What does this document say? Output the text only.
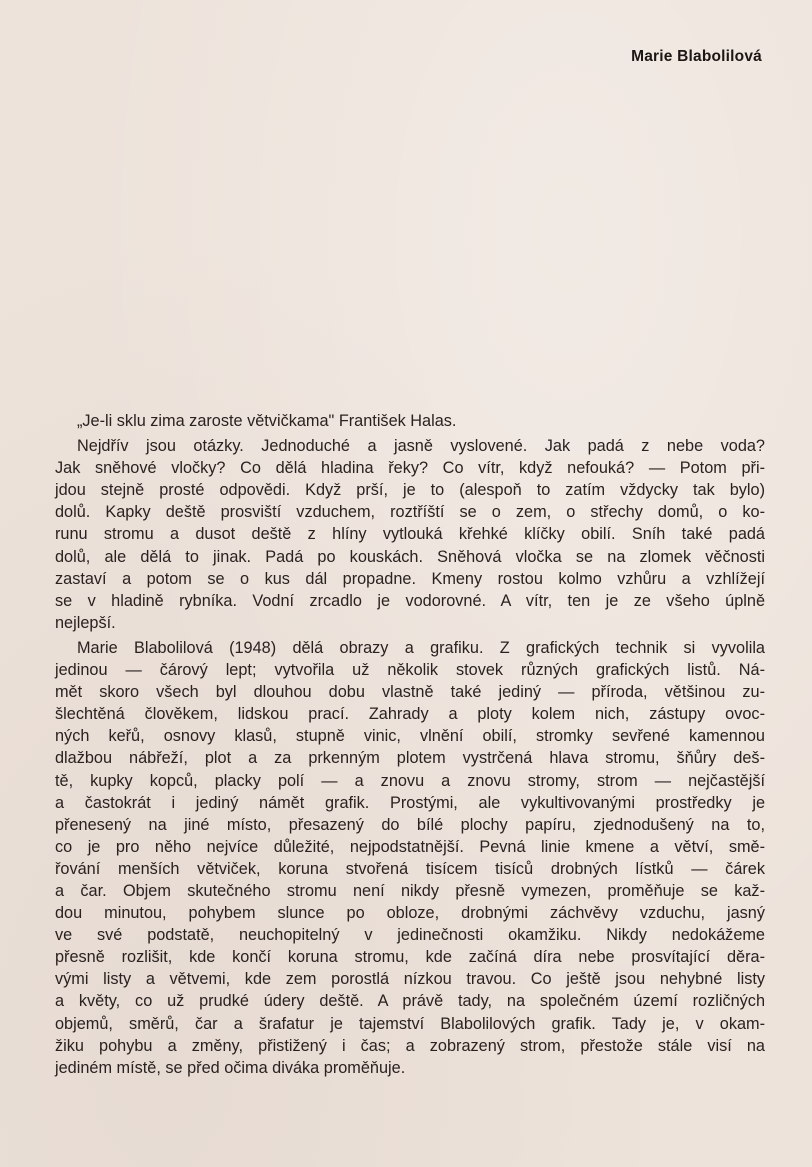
Marie Blabolilová

„Je-li sklu zima zaroste větvičkama" František Halas.

Nejdřív jsou otázky. Jednoduché a jasně vyslovené. Jak padá z nebe voda?
Jak sněhové vločky? Co dělá hladina řeky? Co vítr, když nefouká? — Potom při-
jdou stejně prosté odpovědi. Když prší, je to (alespoň to zatím vždycky tak bylo)
dolů. Kapky deště prosviští vzduchem, roztříští se o zem, o střechy domů, o ko-
runu stromu a dusot deště z hlíny vytlouká křehké klíčky obilí. Sníh také padá
dolů, ale dělá to jinak. Padá po kouskách. Sněhová vločka se na zlomek věčnosti
zastaví a potom se o kus dál propadne. Kmeny rostou kolmo vzhůru a vzhlížejí
se v hladině rybníka. Vodní zrcadlo je vodorovné. A vítr, ten je ze všeho úplně
nejlepší.

Marie Blabolilová (1948) dělá obrazy a grafiku. Z grafických technik si vyvolila
jedinou — čárový lept; vytvořila už několik stovek různých grafických listů. Ná-
mět skoro všech byl dlouhou dobu vlastně také jediný — příroda, většinou zu-
šlechtěná člověkem, lidskou prací. Zahrady a ploty kolem nich, zástupy ovoc-
ných keřů, osnovy klasů, stupně vinic, vlnění obilí, stromky sevřené kamennou
dlažbou nábřeží, plot a za prkenným plotem vystrčená hlava stromu, šňůry deš-
tě, kupky kopců, placky polí — a znovu a znovu stromy, strom — nejčastější
a častokrát i jediný námět grafik. Prostými, ale vykultivovanými prostředky je
přenesený na jiné místo, přesazený do bílé plochy papíru, zjednodušený na to,
co je pro něho nejvíce důležité, nejpodstatnější. Pevná linie kmene a větví, smě-
řování menších větviček, koruna stvořená tisícem tisíců drobných lístků — čárek
a čar. Objem skutečného stromu není nikdy přesně vymezen, proměňuje se kaž-
dou minutou, pohybem slunce po obloze, drobnými záchvěvy vzduchu, jasný
ve své podstatě, neuchopitelný v jedinečnosti okamžiku. Nikdy nedokážeme
přesně rozlišit, kde končí koruna stromu, kde začíná díra nebe prosvítající děra-
vými listy a větvemi, kde zem porostlá nízkou travou. Co ještě jsou nehybné listy
a květy, co už prudké údery deště. A právě tady, na společném území rozličných
objemů, směrů, čar a šrafatur je tajemství Blabolilových grafik. Tady je, v okam-
žiku pohybu a změny, přistižený i čas; a zobrazený strom, přestože stále visí na
jediném místě, se před očima diváka proměňuje.
